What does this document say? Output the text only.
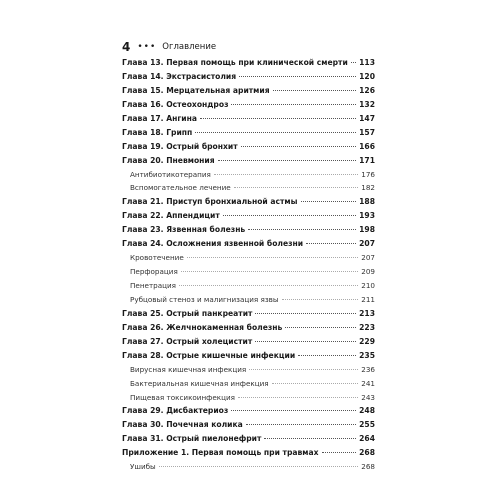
4 ••• Оглавление
Глава 13. Первая помощь при клинической смерти 113
Глава 14. Экстрасистолия	120
Глава 15. Мерцательная аритмия	126
Глава 16. Остеохондроз	132
Глава 17. Ангина	147
Глава 18. Грипп	157
Глава 19. Острый бронхит	166
Глава 20. Пневмония	171
Антибиотикотерапия	176
Вспомогательное лечение	182
Глава 21. Приступ бронхиальной астмы	188
Глава 22. Аппендицит	193
Глава 23. Язвенная болезнь	198
Глава 24. Осложнения язвенной болезни	207
Кровотечение	207
Перфорация	209
Пенетрация	210
Рубцовый стеноз и малигнизация язвы	211
Глава 25. Острый панкреатит	213
Глава 26. Желчнокаменная болезнь	223
Глава 27. Острый холецистит	229
Глава 28. Острые кишечные инфекции	235
Вирусная кишечная инфекция	236
Бактериальная кишечная инфекция	241
Пищевая токсикоинфекция	243
Глава 29. Дисбактериоз	248
Глава 30. Почечная колика	255
Глава 31. Острый пиелонефрит	264
Приложение 1. Первая помощь при травмах	268
Ушибы	268
